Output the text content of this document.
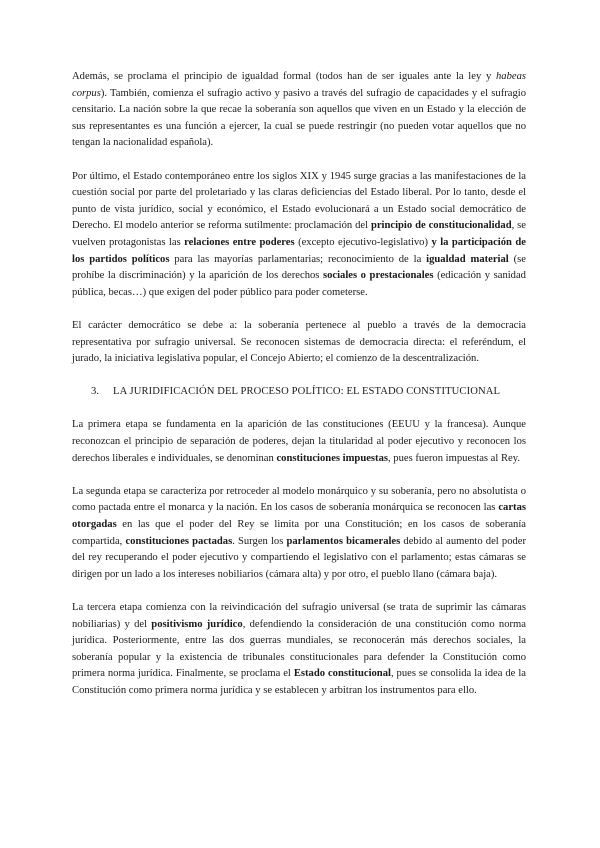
Además, se proclama el principio de igualdad formal (todos han de ser iguales ante la ley y habeas corpus). También, comienza el sufragio activo y pasivo a través del sufragio de capacidades y el sufragio censitario. La nación sobre la que recae la soberanía son aquellos que viven en un Estado y la elección de sus representantes es una función a ejercer, la cual se puede restringir (no pueden votar aquellos que no tengan la nacionalidad española).

Por último, el Estado contemporáneo entre los siglos XIX y 1945 surge gracias a las manifestaciones de la cuestión social por parte del proletariado y las claras deficiencias del Estado liberal. Por lo tanto, desde el punto de vista jurídico, social y económico, el Estado evolucionará a un Estado social democrático de Derecho. El modelo anterior se reforma sutilmente: proclamación del principio de constitucionalidad, se vuelven protagonistas las relaciones entre poderes (excepto ejecutivo-legislativo) y la participación de los partidos políticos para las mayorías parlamentarias; reconocimiento de la igualdad material (se prohíbe la discriminación) y la aparición de los derechos sociales o prestacionales (edicación y sanidad pública, becas…) que exigen del poder público para poder cometerse.

El carácter democrático se debe a: la soberanía pertenece al pueblo a través de la democracia representativa por sufragio universal. Se reconocen sistemas de democracia directa: el referéndum, el jurado, la iniciativa legislativa popular, el Concejo Abierto; el comienzo de la descentralización.

3. LA JURIDIFICACIÓN DEL PROCESO POLÍTICO: EL ESTADO CONSTITUCIONAL

La primera etapa se fundamenta en la aparición de las constituciones (EEUU y la francesa). Aunque reconozcan el principio de separación de poderes, dejan la titularidad al poder ejecutivo y reconocen los derechos liberales e individuales, se denominan constituciones impuestas, pues fueron impuestas al Rey.

La segunda etapa se caracteriza por retroceder al modelo monárquico y su soberanía, pero no absolutista o como pactada entre el monarca y la nación. En los casos de soberanía monárquica se reconocen las cartas otorgadas en las que el poder del Rey se limita por una Constitución; en los casos de soberanía compartida, constituciones pactadas. Surgen los parlamentos bicamerales debido al aumento del poder del rey recuperando el poder ejecutivo y compartiendo el legislativo con el parlamento; estas cámaras se dirigen por un lado a los intereses nobiliarios (cámara alta) y por otro, el pueblo llano (cámara baja).

La tercera etapa comienza con la reivindicación del sufragio universal (se trata de suprimir las cámaras nobiliarias) y del positivismo jurídico, defendiendo la consideración de una constitución como norma jurídica. Posteriormente, entre las dos guerras mundiales, se reconocerán más derechos sociales, la soberanía popular y la existencia de tribunales constitucionales para defender la Constitución como primera norma jurídica. Finalmente, se proclama el Estado constitucional, pues se consolida la idea de la Constitución como primera norma jurídica y se establecen y arbitran los instrumentos para ello.
